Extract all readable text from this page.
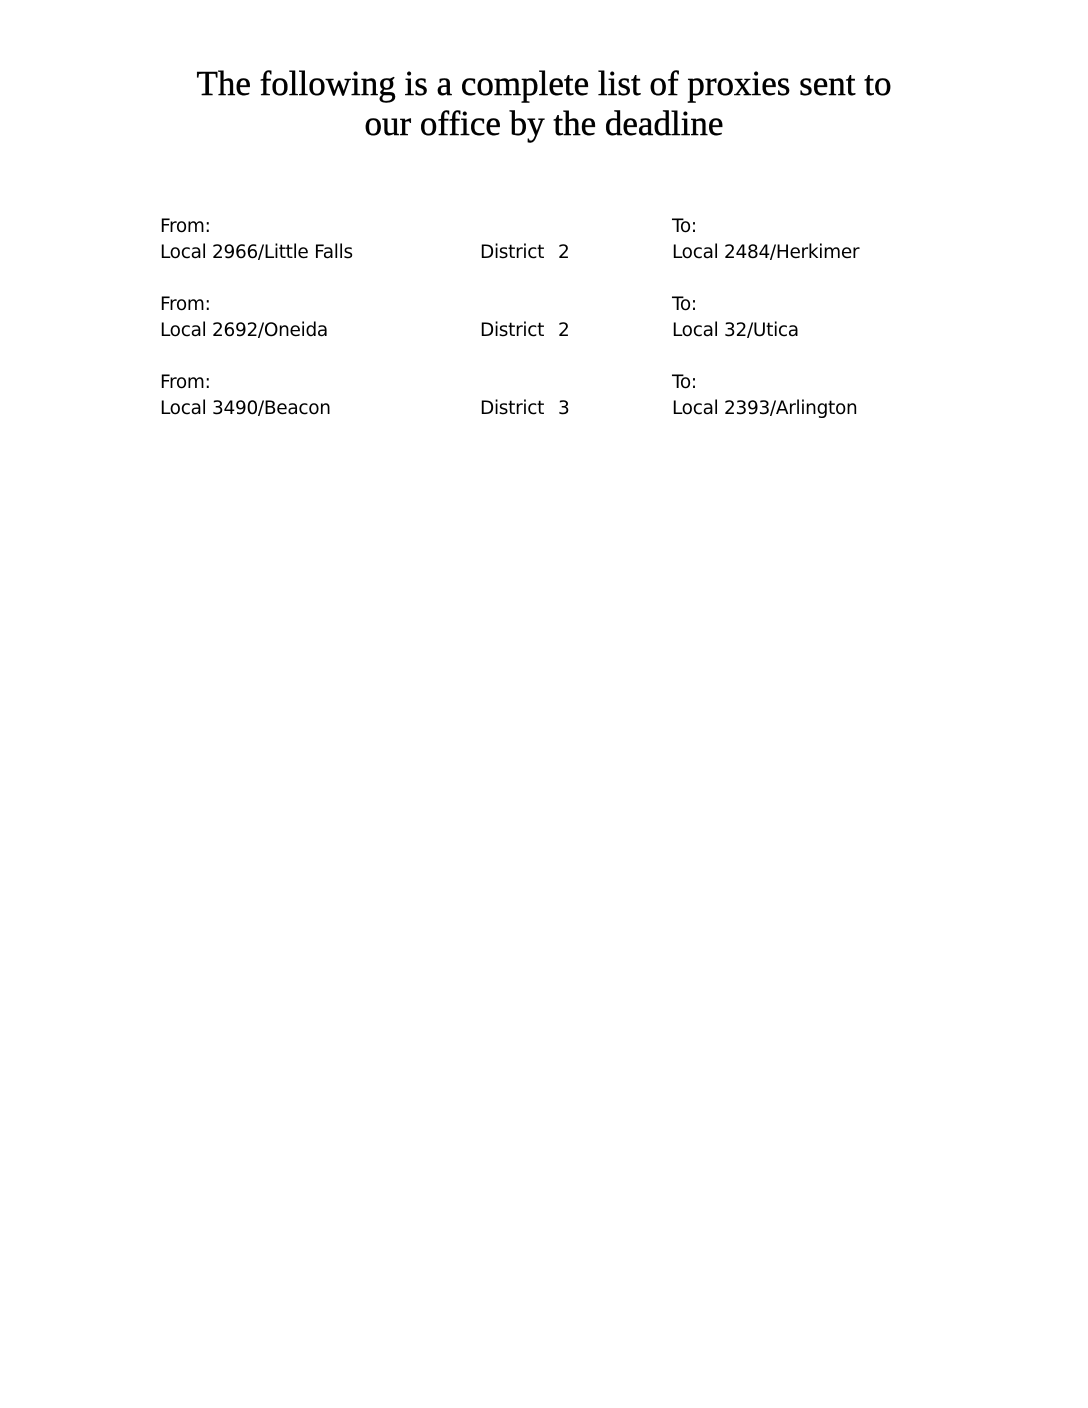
The following is a complete list of proxies sent to
our office by the deadline
From:
Local 2966/Little Falls	District 2
To:
Local 2484/Herkimer
From:
Local 2692/Oneida	District 2
To:
Local 32/Utica
From:
Local 3490/Beacon	District 3
To:
Local 2393/Arlington
